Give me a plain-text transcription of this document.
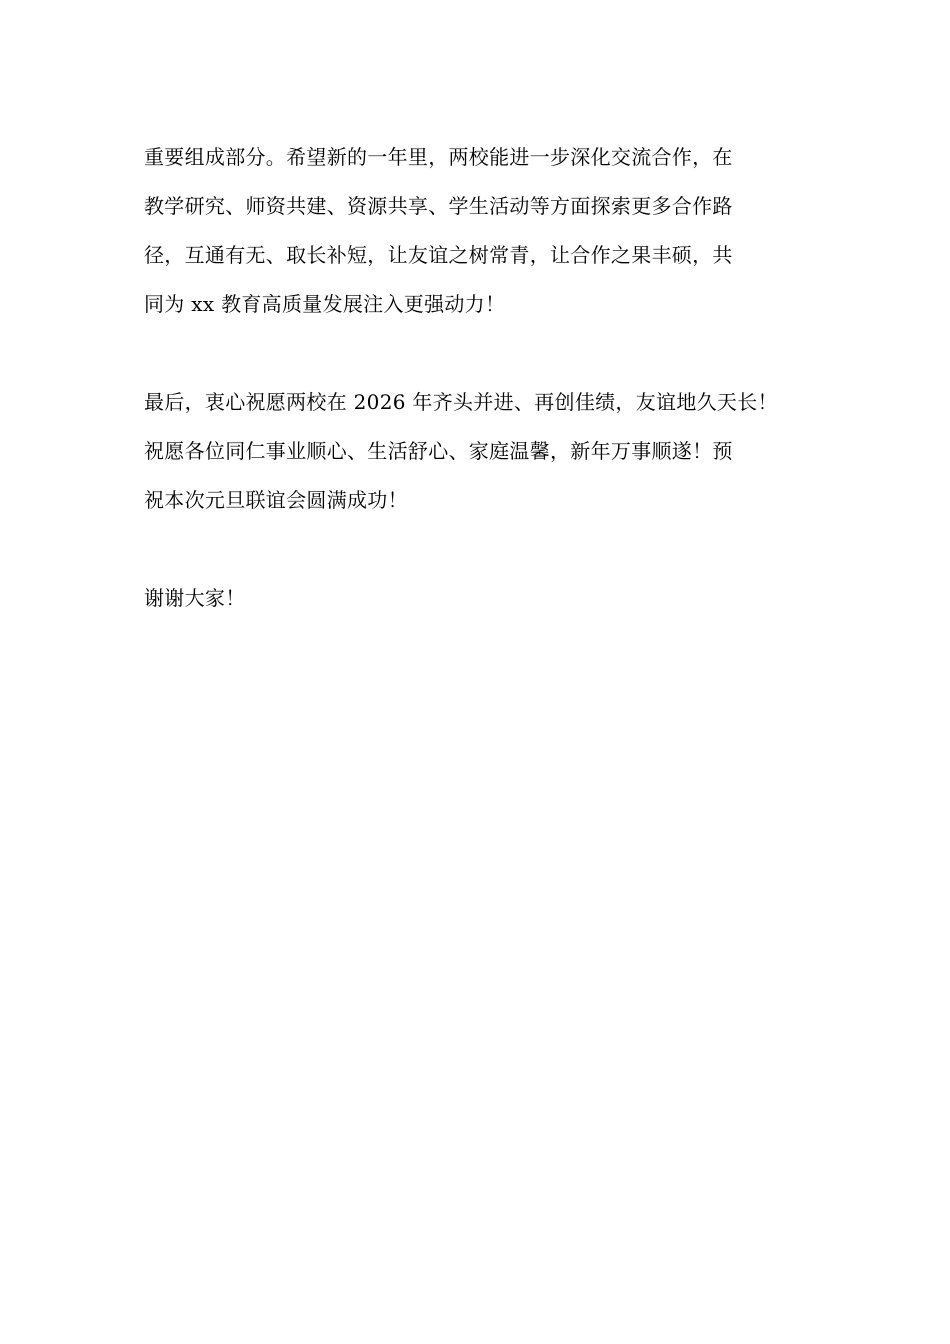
重要组成部分。希望新的一年里，两校能进一步深化交流合作，在
教学研究、师资共建、资源共享、学生活动等方面探索更多合作路
径，互通有无、取长补短，让友谊之树常青，让合作之果丰硕，共
同为 xx 教育高质量发展注入更强动力！

最后，衷心祝愿两校在 2026 年齐头并进、再创佳绩，友谊地久天长！
祝愿各位同仁事业顺心、生活舒心、家庭温馨，新年万事顺遂！预
祝本次元旦联谊会圆满成功！

谢谢大家！
